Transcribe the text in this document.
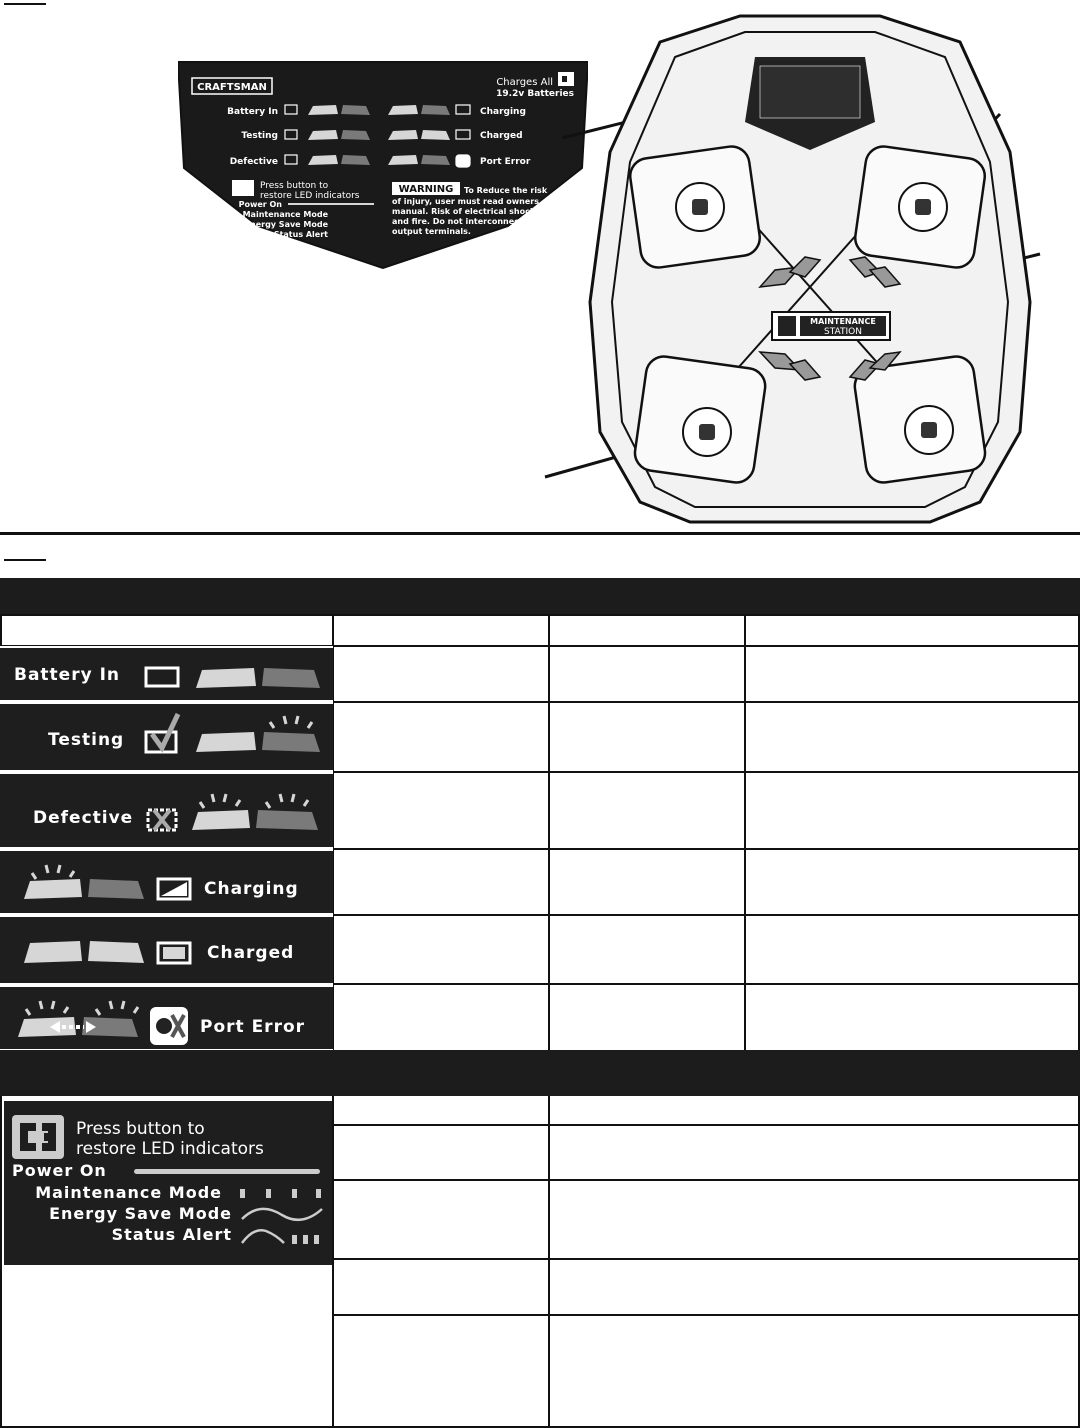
CRAFTSMAN	Charges All
19.2v Batteries
Battery In
Testing
Defective
Charging
Charged
Port Error
Press button to
restore LED indicators
Power On
Maintenance Mode
Energy Save Mode
Status Alert
WARNING To Reduce the risk
of injury, user must read owners
manual. Risk of electrical shock
and fire. Do not interconnect
output terminals.
MAINTENANCE
STATION
Battery In
Testing
Defective
Charging
Charged
Port Error
Press button to
restore LED indicators
Power On
Maintenance Mode
Energy Save Mode
Status Alert
